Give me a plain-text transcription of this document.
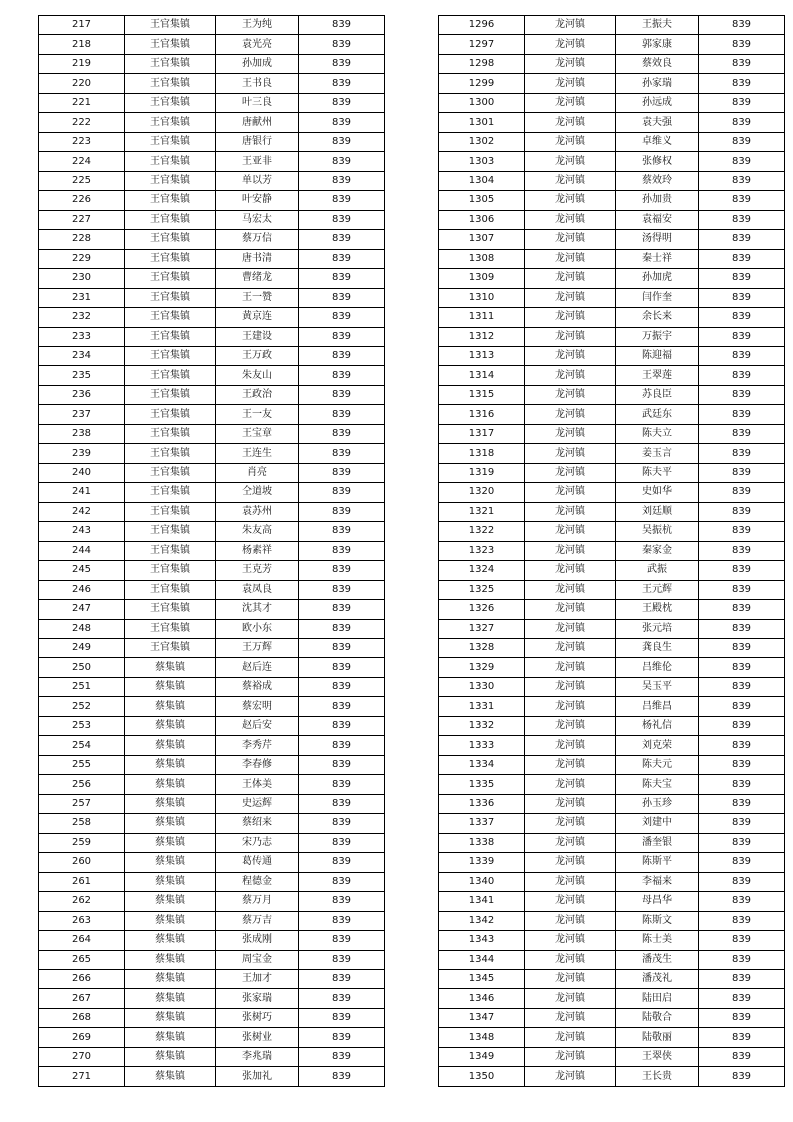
217	王官集镇	王为纯	839
218	王官集镇	袁光亮	839
219	王官集镇	孙加成	839
220	王官集镇	王书良	839
221	王官集镇	叶三良	839
222	王官集镇	唐献州	839
223	王官集镇	唐银行	839
224	王官集镇	王亚非	839
225	王官集镇	单以芳	839
226	王官集镇	叶安静	839
227	王官集镇	马宏太	839
228	王官集镇	蔡万信	839
229	王官集镇	唐书清	839
230	王官集镇	曹绪龙	839
231	王官集镇	王一赞	839
232	王官集镇	黄京连	839
233	王官集镇	王建设	839
234	王官集镇	王万政	839
235	王官集镇	朱友山	839
236	王官集镇	王政治	839
237	王官集镇	王一友	839
238	王官集镇	王宝章	839
239	王官集镇	王连生	839
240	王官集镇	肖亮	839
241	王官集镇	仝道坡	839
242	王官集镇	袁苏州	839
243	王官集镇	朱友高	839
244	王官集镇	杨素祥	839
245	王官集镇	王克芳	839
246	王官集镇	袁凤良	839
247	王官集镇	沈其才	839
248	王官集镇	欧小东	839
249	王官集镇	王万辉	839
250	蔡集镇	赵后连	839
251	蔡集镇	蔡裕成	839
252	蔡集镇	蔡宏明	839
253	蔡集镇	赵后安	839
254	蔡集镇	李秀芹	839
255	蔡集镇	李春修	839
256	蔡集镇	王体美	839
257	蔡集镇	史运辉	839
258	蔡集镇	蔡绍来	839
259	蔡集镇	宋乃志	839
260	蔡集镇	葛传通	839
261	蔡集镇	程德金	839
262	蔡集镇	蔡万月	839
263	蔡集镇	蔡万吉	839
264	蔡集镇	张成刚	839
265	蔡集镇	周宝金	839
266	蔡集镇	王加才	839
267	蔡集镇	张家瑞	839
268	蔡集镇	张树巧	839
269	蔡集镇	张树业	839
270	蔡集镇	李兆瑞	839
271	蔡集镇	张加礼	839
1296	龙河镇	王振夫	839
1297	龙河镇	郭家康	839
1298	龙河镇	蔡效良	839
1299	龙河镇	孙家瑞	839
1300	龙河镇	孙远成	839
1301	龙河镇	袁夫强	839
1302	龙河镇	卓维义	839
1303	龙河镇	张修权	839
1304	龙河镇	蔡效玲	839
1305	龙河镇	孙加贵	839
1306	龙河镇	袁福安	839
1307	龙河镇	汤得明	839
1308	龙河镇	秦士祥	839
1309	龙河镇	孙加虎	839
1310	龙河镇	闫作奎	839
1311	龙河镇	余长来	839
1312	龙河镇	万振宇	839
1313	龙河镇	陈迎福	839
1314	龙河镇	王翠莲	839
1315	龙河镇	苏良臣	839
1316	龙河镇	武廷东	839
1317	龙河镇	陈夫立	839
1318	龙河镇	姜玉言	839
1319	龙河镇	陈夫平	839
1320	龙河镇	史如华	839
1321	龙河镇	刘廷顺	839
1322	龙河镇	吴振杭	839
1323	龙河镇	秦家金	839
1324	龙河镇	武振	839
1325	龙河镇	王元辉	839
1326	龙河镇	王殿枕	839
1327	龙河镇	张元培	839
1328	龙河镇	龚良生	839
1329	龙河镇	吕维伦	839
1330	龙河镇	吴玉平	839
1331	龙河镇	吕维昌	839
1332	龙河镇	杨礼信	839
1333	龙河镇	刘克荣	839
1334	龙河镇	陈夫元	839
1335	龙河镇	陈夫宝	839
1336	龙河镇	孙玉珍	839
1337	龙河镇	刘建中	839
1338	龙河镇	潘奎银	839
1339	龙河镇	陈斯平	839
1340	龙河镇	李福来	839
1341	龙河镇	母昌华	839
1342	龙河镇	陈斯文	839
1343	龙河镇	陈士美	839
1344	龙河镇	潘茂生	839
1345	龙河镇	潘茂礼	839
1346	龙河镇	陆田启	839
1347	龙河镇	陆敬合	839
1348	龙河镇	陆敬丽	839
1349	龙河镇	王翠侠	839
1350	龙河镇	王长贵	839
